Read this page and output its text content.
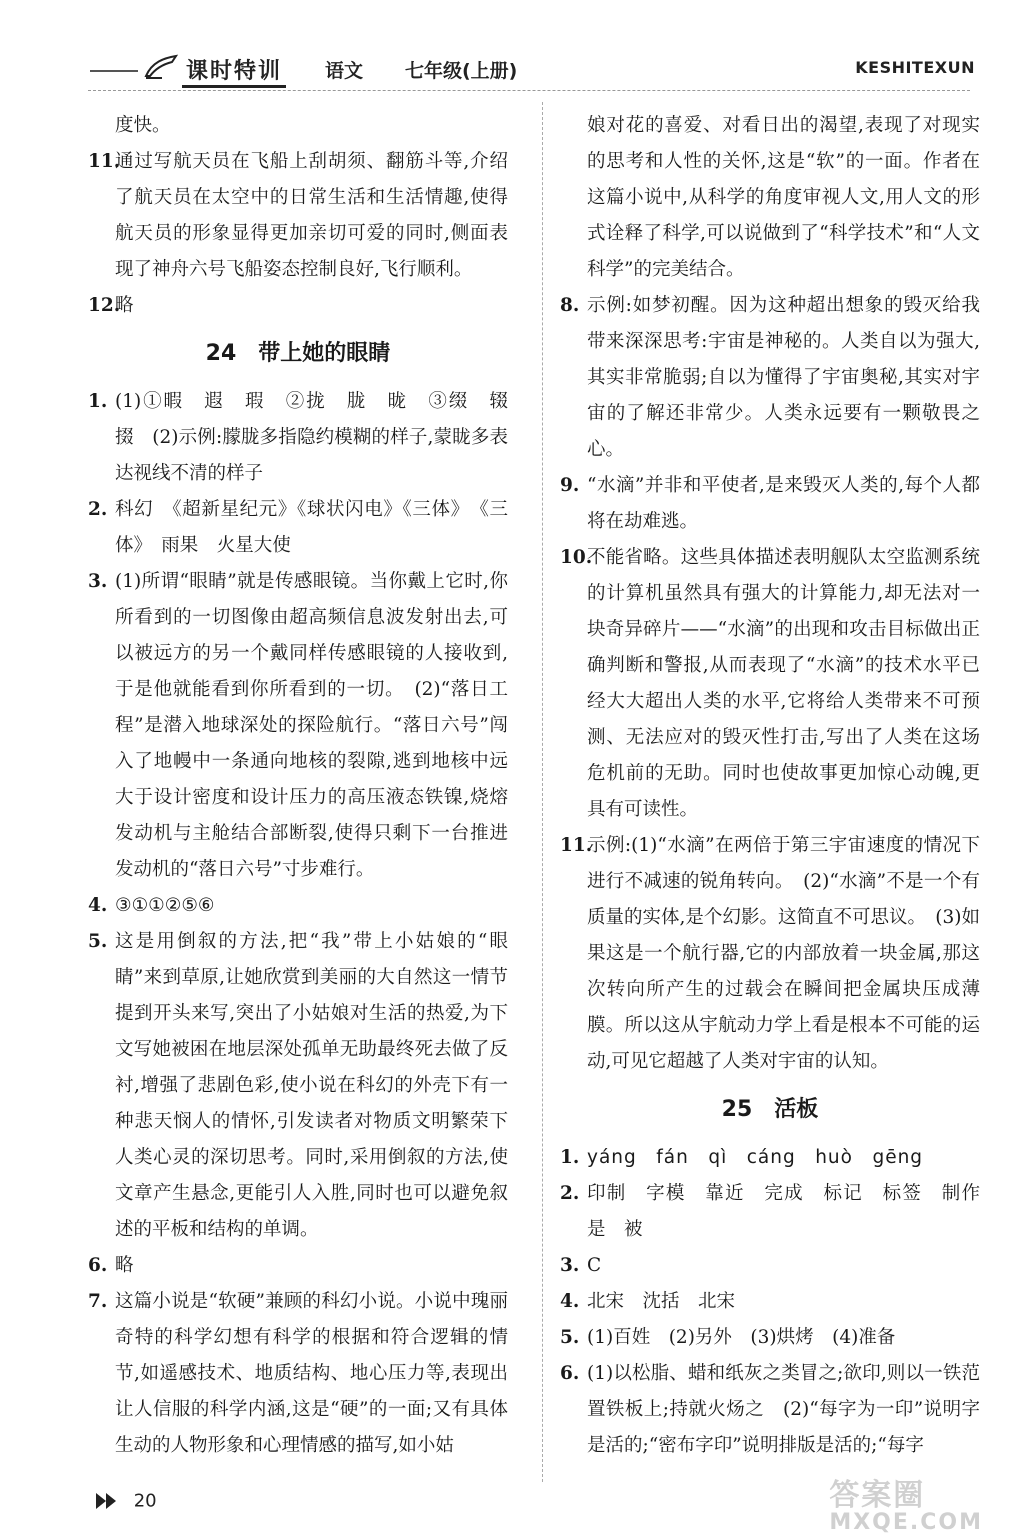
课时特训 语文 七年级(上册)	KESHITEXUN

度快。

11.
通过写航天员在飞船上刮胡须、翻筋斗等,介绍了航天员在太空中的日常生活和生活情趣,使得航天员的形象显得更加亲切可爱的同时,侧面表现了神舟六号飞船姿态控制良好,飞行顺利。
12.
略
24 带上她的眼睛
1. (1)①暇　遐　瑕　②拢　胧　昽　③缀　辍　掇　(2)示例:朦胧多指隐约模糊的样子,蒙眬多表达视线不清的样子
2. 科幻　《超新星纪元》《球状闪电》《三体》　《三体》　雨果　火星大使
3. (1)所谓“眼睛”就是传感眼镜。当你戴上它时,你所看到的一切图像由超高频信息波发射出去,可以被远方的另一个戴同样传感眼镜的人接收到,于是他就能看到你所看到的一切。　(2)“落日工程”是潜入地球深处的探险航行。“落日六号”闯入了地幔中一条通向地核的裂隙,逃到地核中远大于设计密度和设计压力的高压液态铁镍,烧熔发动机与主舱结合部断裂,使得只剩下一台推进发动机的“落日六号”寸步难行。
4. ③①①②⑤⑥
5. 这是用倒叙的方法,把“我”带上小姑娘的“眼睛”来到草原,让她欣赏到美丽的大自然这一情节提到开头来写,突出了小姑娘对生活的热爱,为下文写她被困在地层深处孤单无助最终死去做了反衬,增强了悲剧色彩,使小说在科幻的外壳下有一种悲天悯人的情怀,引发读者对物质文明繁荣下人类心灵的深切思考。同时,采用倒叙的方法,使文章产生悬念,更能引人入胜,同时也可以避免叙述的平板和结构的单调。
6. 略
7. 这篇小说是“软硬”兼顾的科幻小说。小说中瑰丽奇特的科学幻想有科学的根据和符合逻辑的情节,如遥感技术、地质结构、地心压力等,表现出让人信服的科学内涵,这是“硬”的一面;又有具体生动的人物形象和心理情感的描写,如小姑

娘对花的喜爱、对看日出的渴望,表现了对现实的思考和人性的关怀,这是“软”的一面。作者在这篇小说中,从科学的角度审视人文,用人文的形式诠释了科学,可以说做到了“科学技术”和“人文科学”的完美结合。

8. 示例:如梦初醒。因为这种超出想象的毁灭给我带来深深思考:宇宙是神秘的。人类自以为强大,其实非常脆弱;自以为懂得了宇宙奥秘,其实对宇宙的了解还非常少。人类永远要有一颗敬畏之心。
9. “水滴”并非和平使者,是来毁灭人类的,每个人都将在劫难逃。
10.
不能省略。这些具体描述表明舰队太空监测系统的计算机虽然具有强大的计算能力,却无法对一块奇异碎片——“水滴”的出现和攻击目标做出正确判断和警报,从而表现了“水滴”的技术水平已经大大超出人类的水平,它将给人类带来不可预测、无法应对的毁灭性打击,写出了人类在这场危机前的无助。同时也使故事更加惊心动魄,更具有可读性。
11.
示例:(1)“水滴”在两倍于第三宇宙速度的情况下进行不减速的锐角转向。　(2)“水滴”不是一个有质量的实体,是个幻影。这简直不可思议。　(3)如果这是一个航行器,它的内部放着一块金属,那这次转向所产生的过载会在瞬间把金属块压成薄膜。所以这从宇航动力学上看是根本不可能的运动,可见它超越了人类对宇宙的认知。
25 活板
1. yáng　fán　qì　cáng　huò　gēng
2. 印制　字模　靠近　完成　标记　标签　制作　是　被
3. C
4. 北宋　沈括　北宋
5. (1)百姓　(2)另外　(3)烘烤　(4)准备
6. (1)以松脂、蜡和纸灰之类冒之;欲印,则以一铁范置铁板上;持就火炀之　(2)“每字为一印”说明字是活的;“密布字印”说明排版是活的;“每字
20	答案圈
MXQE.COM
